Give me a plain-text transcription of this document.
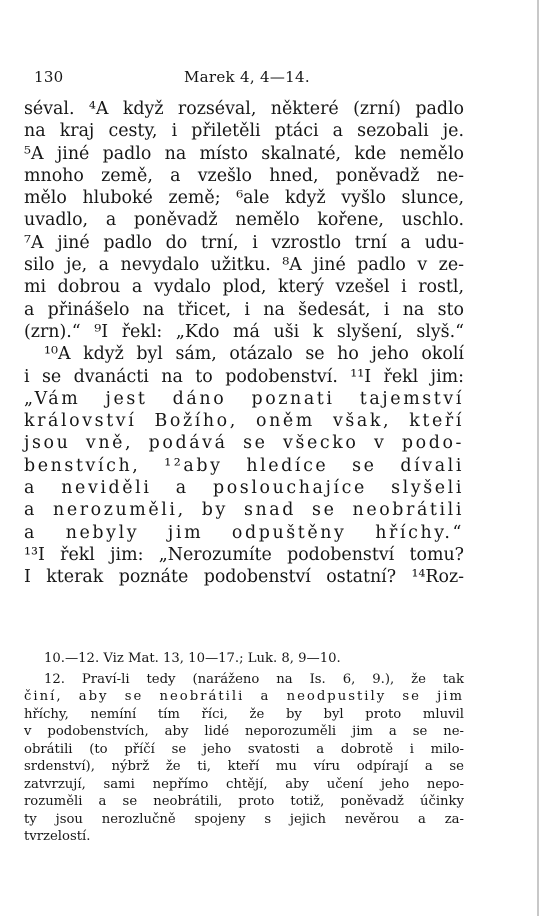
130	Marek 4, 4—14.
séval. ⁴A když rozséval, některé (zrní) padlo
na kraj cesty, i přiletěli ptáci a sezobali je.
⁵A jiné padlo na místo skalnaté, kde nemělo
mnoho země, a vzešlo hned, poněvadž ne-
mělo hluboké země; ⁶ale když vyšlo slunce,
uvadlo, a poněvadž nemělo kořene, uschlo.
⁷A jiné padlo do trní, i vzrostlo trní a udu-
silo je, a nevydalo užitku. ⁸A jiné padlo v ze-
mi dobrou a vydalo plod, který vzešel i rostl,
a přinášelo na třicet, i na šedesát, i na sto
(zrn).“ ⁹I řekl: „Kdo má uši k slyšení, slyš.“
¹⁰A když byl sám, otázalo se ho jeho okolí
i se dvanácti na to podobenství. ¹¹I řekl jim:
„Vám jest dáno poznati tajemství
království Božího, oněm však, kteří
jsou vně, podává se všecko v podo-
benstvích, ¹²aby hledíce se dívali
a neviděli a poslouchajíce slyšeli
a nerozuměli, by snad se neobrátili
a nebyly jim odpuštěny hříchy.“
¹³I řekl jim: „Nerozumíte podobenství tomu?
I kterak poznáte podobenství ostatní? ¹⁴Roz-
10.—12. Viz Mat. 13, 10—17.; Luk. 8, 9—10.
12. Praví-li tedy (naráženo na Is. 6, 9.), že tak
činí, aby se neobrátili a neodpustily se jim
hříchy, nemíní tím říci, že by byl proto mluvil
v podobenstvích, aby lidé neporozuměli jim a se ne-
obrátili (to příčí se jeho svatosti a dobrotě i milo-
srdenství), nýbrž že ti, kteří mu víru odpírají a se
zatvrzují, sami nepřímo chtějí, aby učení jeho nepo-
rozuměli a se neobrátili, proto totiž, poněvadž účinky
ty jsou nerozlučně spojeny s jejich nevěrou a za-
tvrzelostí.
